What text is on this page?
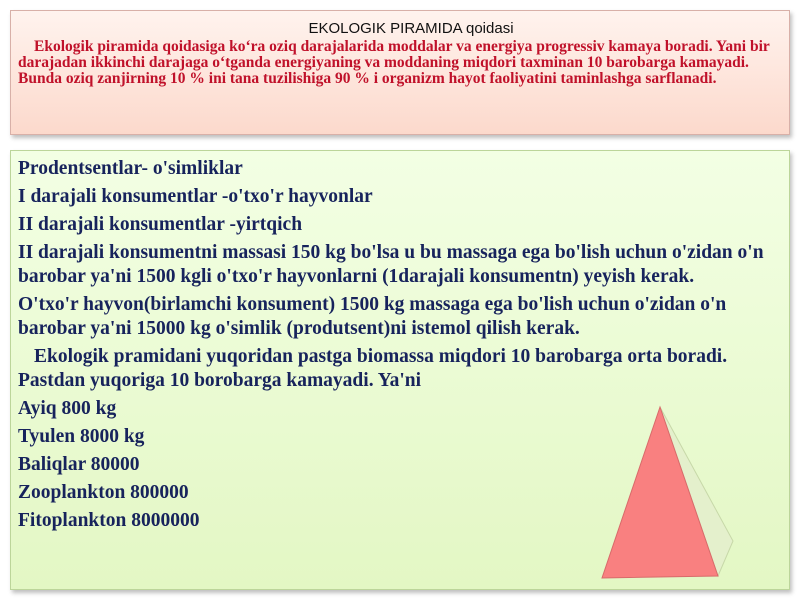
EKOLOGIK PIRAMIDA qoidasi
Ekologik piramida qoidasiga ko‘ra oziq darajalarida moddalar va energiya progressiv kamaya boradi. Yani bir darajadan ikkinchi darajaga o‘tganda energiyaning va moddaning miqdori taxminan 10 barobarga kamayadi. Bunda oziq zanjirning 10 % ini tana tuzilishiga 90 % i organizm hayot faoliyatini taminlashga sarflanadi.

Prodentsentlar- o'simliklar

I darajali konsumentlar -o'txo'r hayvonlar

II darajali konsumentlar -yirtqich

II darajali konsumentni massasi 150 kg bo'lsa u bu massaga ega bo'lish uchun o'zidan o'n barobar ya'ni 1500 kgli o'txo'r hayvonlarni (1darajali konsumentn) yeyish kerak.

O'txo'r hayvon(birlamchi konsument) 1500 kg massaga ega bo'lish uchun o'zidan o'n barobar ya'ni 15000 kg o'simlik (produtsent)ni istemol qilish kerak.

Ekologik pramidani yuqoridan pastga biomassa miqdori 10 barobarga orta boradi. Pastdan yuqoriga 10 borobarga kamayadi. Ya'ni

Ayiq 800 kg

Tyulen 8000 kg

Baliqlar 80000

Zooplankton 800000

Fitoplankton 8000000
